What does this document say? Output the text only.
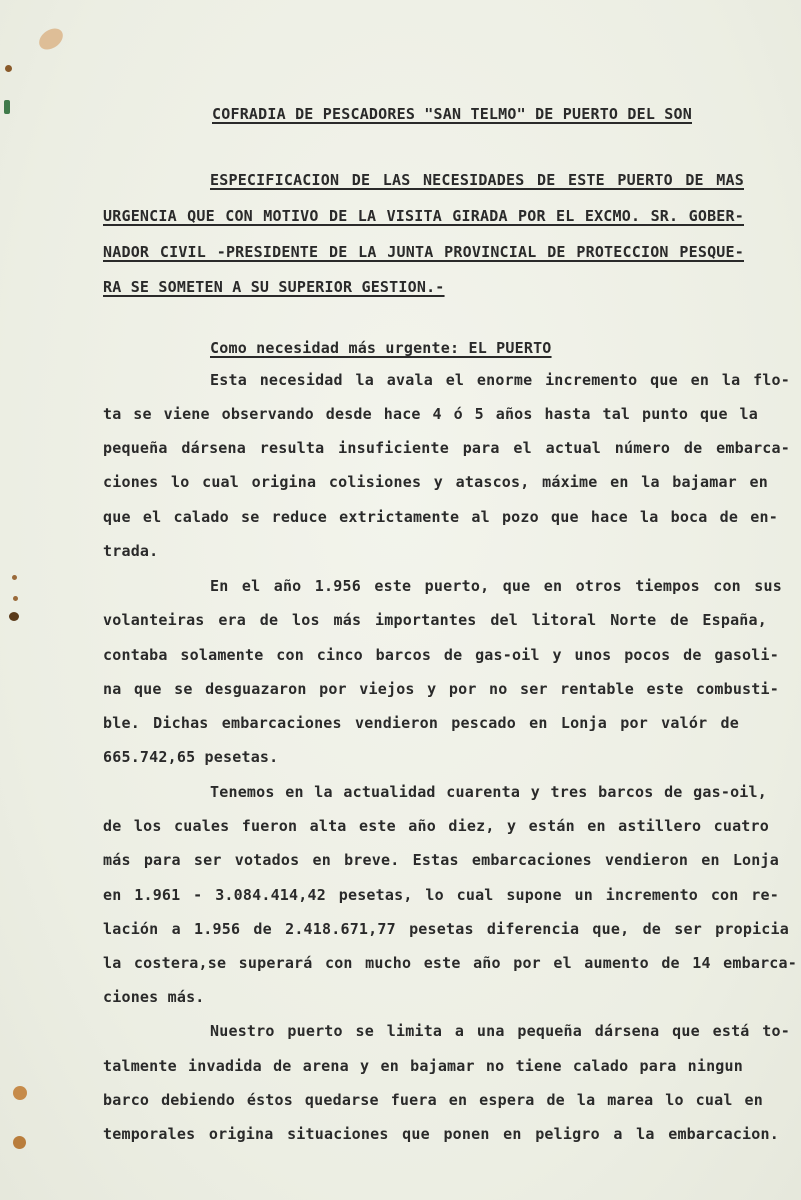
COFRADIA DE PESCADORES "SAN TELMO" DE PUERTO DEL SON
ESPECIFICACION DE LAS NECESIDADES DE ESTE PUERTO DE MAS
URGENCIA QUE CON MOTIVO DE LA VISITA GIRADA POR EL EXCMO. SR. GOBER-
NADOR CIVIL -PRESIDENTE DE LA JUNTA PROVINCIAL DE PROTECCION PESQUE-
RA SE SOMETEN A SU SUPERIOR GESTION.-
Como necesidad más urgente: EL PUERTO
Esta necesidad la avala el enorme incremento que en la flo-
ta se viene observando desde hace 4 ó 5 años hasta tal punto que la
pequeña dársena resulta insuficiente para el actual número de embarca-
ciones lo cual origina colisiones y atascos, máxime en la bajamar en
que el calado se reduce extrictamente al pozo que hace la boca de en-
trada.
En el año 1.956 este puerto, que en otros tiempos con sus
volanteiras era de los más importantes del litoral Norte de España,
contaba solamente con cinco barcos de gas-oil y unos pocos de gasoli-
na que se desguazaron por viejos y por no ser rentable este combusti-
ble. Dichas embarcaciones vendieron pescado en Lonja por valór de
665.742,65 pesetas.
Tenemos en la actualidad cuarenta y tres barcos de gas-oil,
de los cuales fueron alta este año diez, y están en astillero cuatro
más para ser votados en breve. Estas embarcaciones vendieron en Lonja
en 1.961 - 3.084.414,42 pesetas, lo cual supone un incremento con re-
lación a 1.956 de 2.418.671,77 pesetas diferencia que, de ser propicia
la costera,se superará con mucho este año por el aumento de 14 embarca-
ciones más.
Nuestro puerto se limita a una pequeña dársena que está to-
talmente invadida de arena y en bajamar no tiene calado para ningun
barco debiendo éstos quedarse fuera en espera de la marea lo cual en
temporales origina situaciones que ponen en peligro a la embarcacion.
